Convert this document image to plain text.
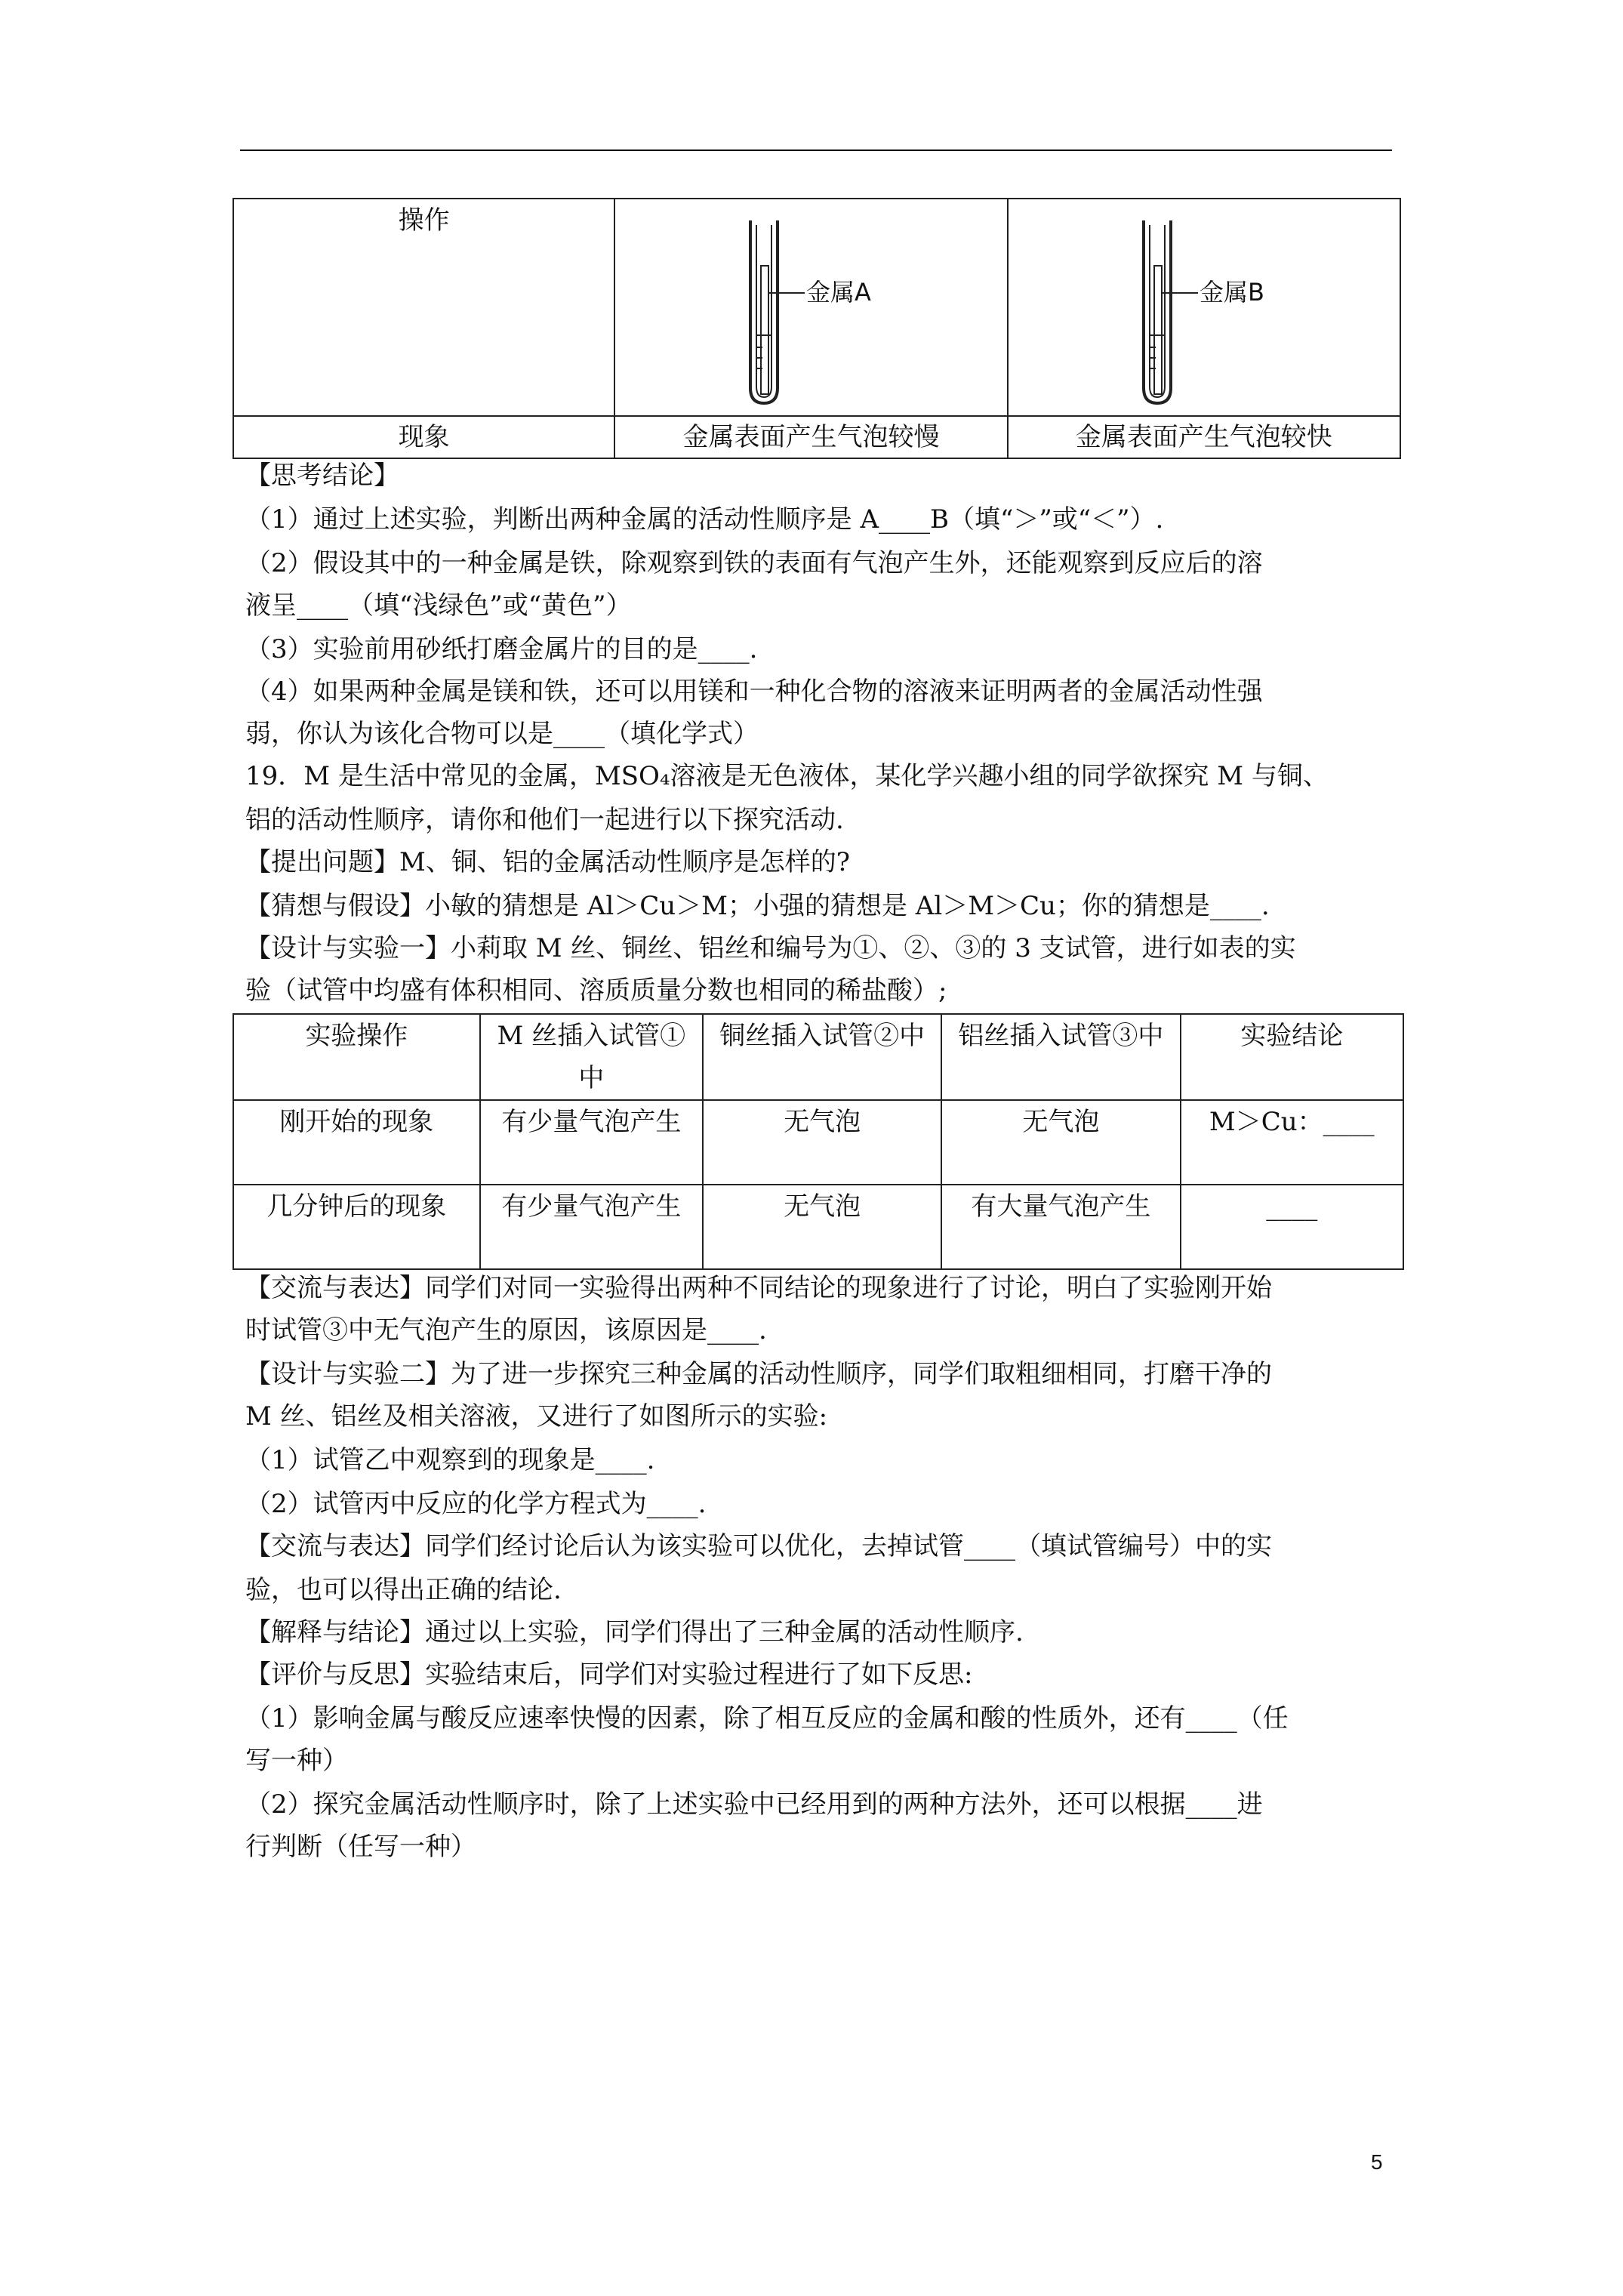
操作	金属A	金属B

现象	金属表面产生气泡较慢	金属表面产生气泡较快
【思考结论】
（1）通过上述实验，判断出两种金属的活动性顺序是 A____B（填“＞”或“＜”）.
（2）假设其中的一种金属是铁，除观察到铁的表面有气泡产生外，还能观察到反应后的溶
液呈____（填“浅绿色”或“黄色”）
（3）实验前用砂纸打磨金属片的目的是____.
（4）如果两种金属是镁和铁，还可以用镁和一种化合物的溶液来证明两者的金属活动性强
弱，你认为该化合物可以是____（填化学式）
19．M 是生活中常见的金属，MSO₄溶液是无色液体，某化学兴趣小组的同学欲探究 M 与铜、
铝的活动性顺序，请你和他们一起进行以下探究活动.
【提出问题】M、铜、铝的金属活动性顺序是怎样的?
【猜想与假设】小敏的猜想是 Al＞Cu＞M；小强的猜想是 Al＞M＞Cu；你的猜想是____.
【设计与实验一】小莉取 M 丝、铜丝、铝丝和编号为①、②、③的 3 支试管，进行如表的实
验（试管中均盛有体积相同、溶质质量分数也相同的稀盐酸）;
实验操作	M 丝插入试管①中	铜丝插入试管②中	铝丝插入试管③中	实验结论
刚开始的现象	有少量气泡产生	无气泡	无气泡	M＞Cu：____
几分钟后的现象	有少量气泡产生	无气泡	有大量气泡产生	____
【交流与表达】同学们对同一实验得出两种不同结论的现象进行了讨论，明白了实验刚开始
时试管③中无气泡产生的原因，该原因是____.
【设计与实验二】为了进一步探究三种金属的活动性顺序，同学们取粗细相同，打磨干净的
M 丝、铝丝及相关溶液，又进行了如图所示的实验:
（1）试管乙中观察到的现象是____.
（2）试管丙中反应的化学方程式为____.
【交流与表达】同学们经讨论后认为该实验可以优化，去掉试管____（填试管编号）中的实
验，也可以得出正确的结论.
【解释与结论】通过以上实验，同学们得出了三种金属的活动性顺序.
【评价与反思】实验结束后，同学们对实验过程进行了如下反思:
（1）影响金属与酸反应速率快慢的因素，除了相互反应的金属和酸的性质外，还有____（任
写一种）
（2）探究金属活动性顺序时，除了上述实验中已经用到的两种方法外，还可以根据____进
行判断（任写一种）
5
